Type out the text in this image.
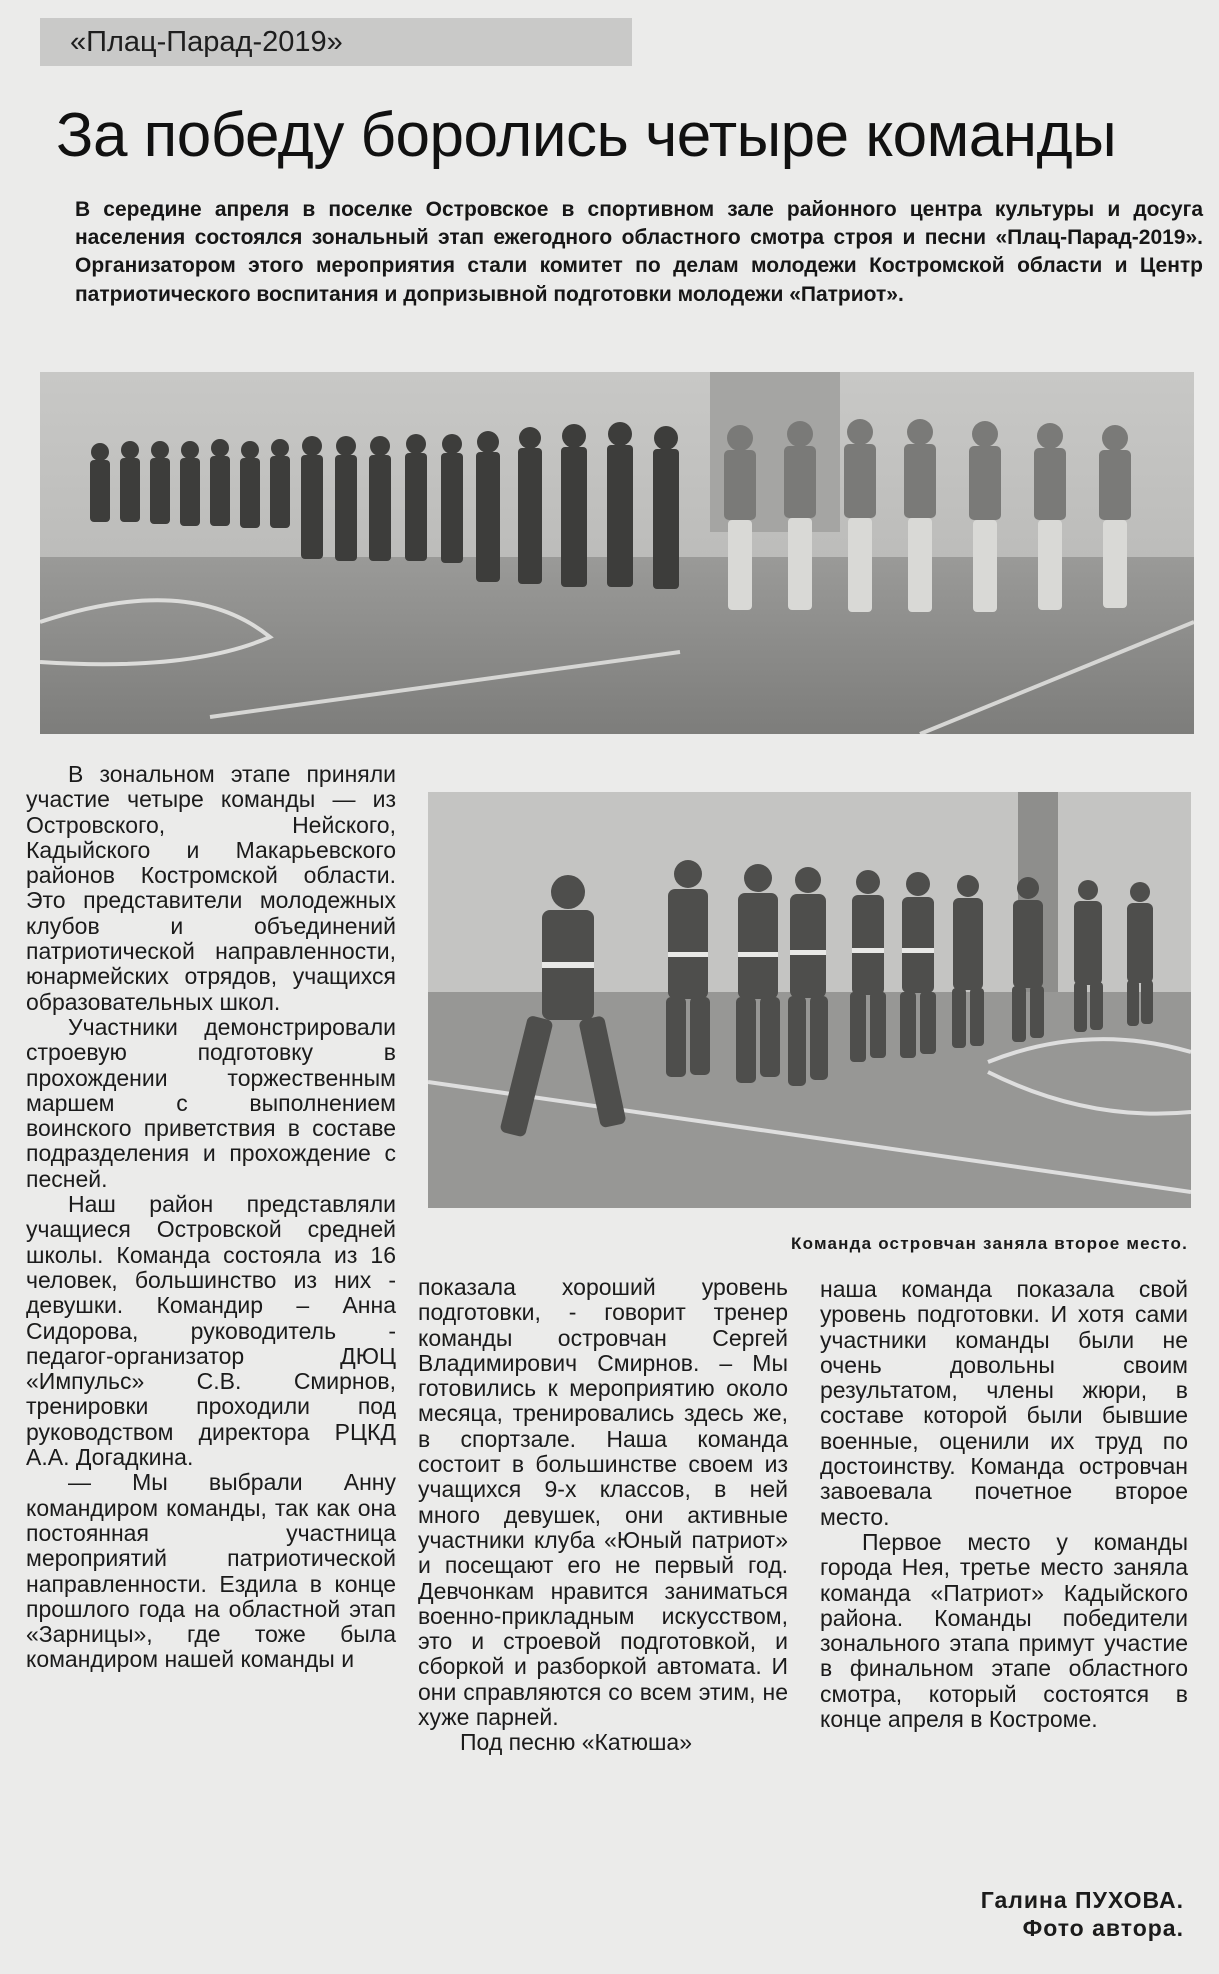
«Плац-Парад-2019»
За победу боролись четыре команды

В середине апреля в поселке Островское в спортивном зале районного центра культуры и досуга населения состоялся зональный этап ежегодного областного смотра строя и песни «Плац-Парад-2019». Организатором этого мероприятия стали комитет по делам молодежи Костромской области и Центр патриотического воспитания и допризывной подготовки молодежи «Патриот».

Команда островчан заняла второе место.

В зональном этапе приняли участие четыре команды — из Островского, Нейского, Кадыйского и Макарьевского районов Костромской области. Это представители молодежных клубов и объединений патриотической направленности, юнармейских отрядов, учащихся образовательных школ.

Участники демонстрировали строевую подготовку в прохождении торжественным маршем с выполнением воинского приветствия в составе подразделения и прохождение с песней.

Наш район представляли учащиеся Островской средней школы. Команда состояла из 16 человек, большинство из них - девушки. Командир – Анна Сидорова, руководитель - педагог-организатор ДЮЦ «Импульс» С.В. Смирнов, тренировки проходили под руководством директора РЦКД А.А. Догадкина.

— Мы выбрали Анну командиром команды, так как она постоянная участница мероприятий патриотической направленности. Ездила в конце прошлого года на областной этап «Зарницы», где тоже была командиром нашей команды и

показала хороший уровень подготовки, - говорит тренер команды островчан Сергей Владимирович Смирнов. – Мы готовились к мероприятию около месяца, тренировались здесь же, в спортзале. Наша команда состоит в большинстве своем из учащихся 9-х классов, в ней много девушек, они активные участники клуба «Юный патриот» и посещают его не первый год. Девчонкам нравится заниматься военно-прикладным искусством, это и строевой подготовкой, и сборкой и разборкой автомата. И они справляются со всем этим, не хуже парней.

Под песню «Катюша»

наша команда показала свой уровень подготовки. И хотя сами участники команды были не очень довольны своим результатом, члены жюри, в составе которой были бывшие военные, оценили их труд по достоинству. Команда островчан завоевала почетное второе место.

Первое место у команды города Нея, третье место заняла команда «Патриот» Кадыйского района. Команды победители зонального этапа примут участие в финальном этапе областного смотра, который состоятся в конце апреля в Костроме.

Галина ПУХОВА.
Фото автора.
